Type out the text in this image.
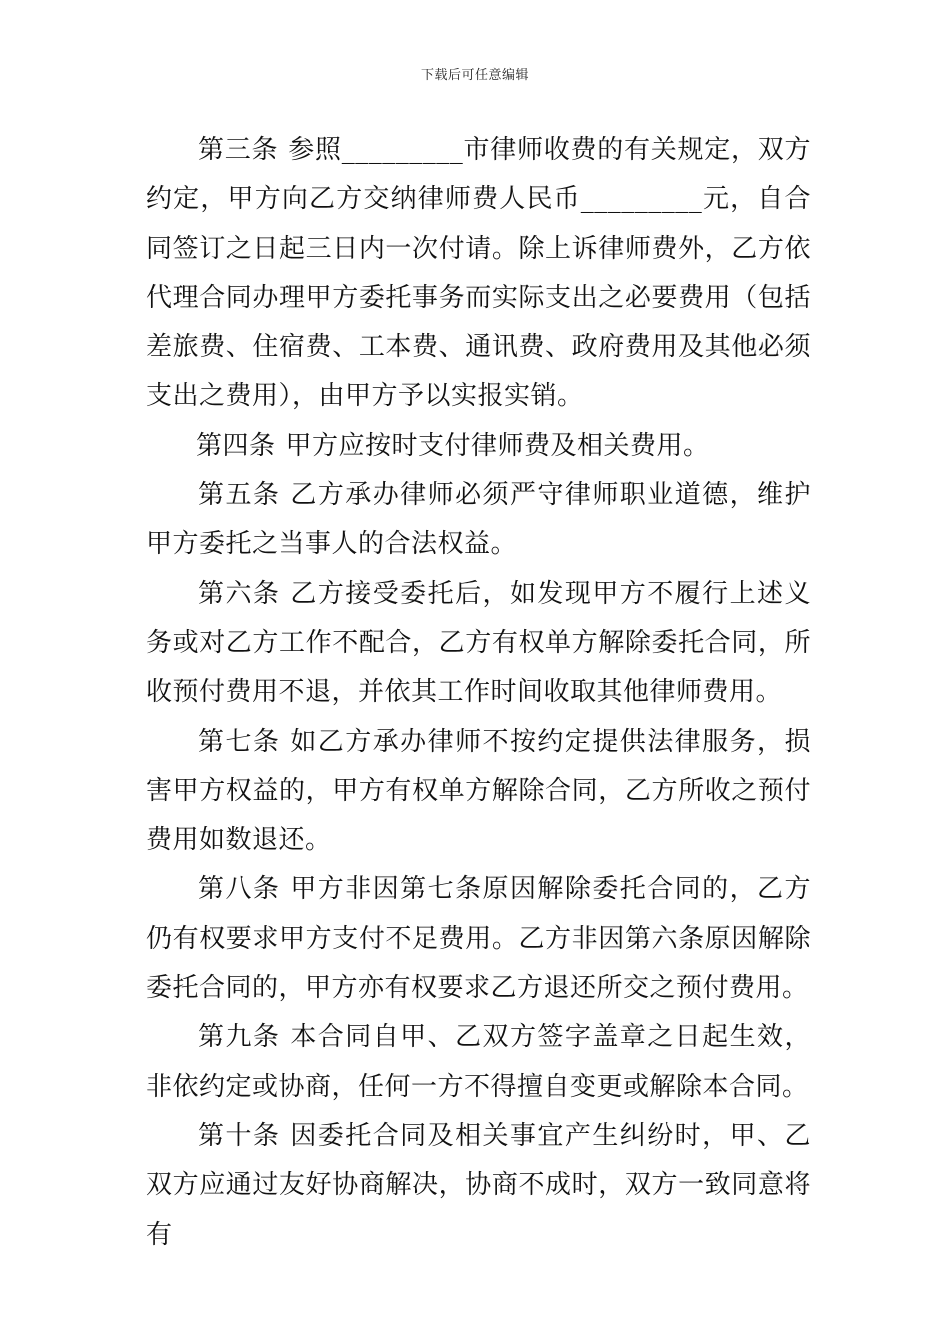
下载后可任意编辑

第三条 参照_________市律师收费的有关规定，双方约定，甲方向乙方交纳律师费人民币_________元，自合同签订之日起三日内一次付请。除上诉律师费外，乙方依代理合同办理甲方委托事务而实际支出之必要费用（包括差旅费、住宿费、工本费、通讯费、政府费用及其他必须支出之费用），由甲方予以实报实销。

第四条 甲方应按时支付律师费及相关费用。

第五条 乙方承办律师必须严守律师职业道德，维护甲方委托之当事人的合法权益。

第六条 乙方接受委托后，如发现甲方不履行上述义务或对乙方工作不配合，乙方有权单方解除委托合同，所收预付费用不退，并依其工作时间收取其他律师费用。

第七条 如乙方承办律师不按约定提供法律服务，损害甲方权益的，甲方有权单方解除合同，乙方所收之预付费用如数退还。

第八条 甲方非因第七条原因解除委托合同的，乙方仍有权要求甲方支付不足费用。乙方非因第六条原因解除委托合同的，甲方亦有权要求乙方退还所交之预付费用。

第九条 本合同自甲、乙双方签字盖章之日起生效，非依约定或协商，任何一方不得擅自变更或解除本合同。

第十条 因委托合同及相关事宜产生纠纷时，甲、乙双方应通过友好协商解决，协商不成时，双方一致同意将有
